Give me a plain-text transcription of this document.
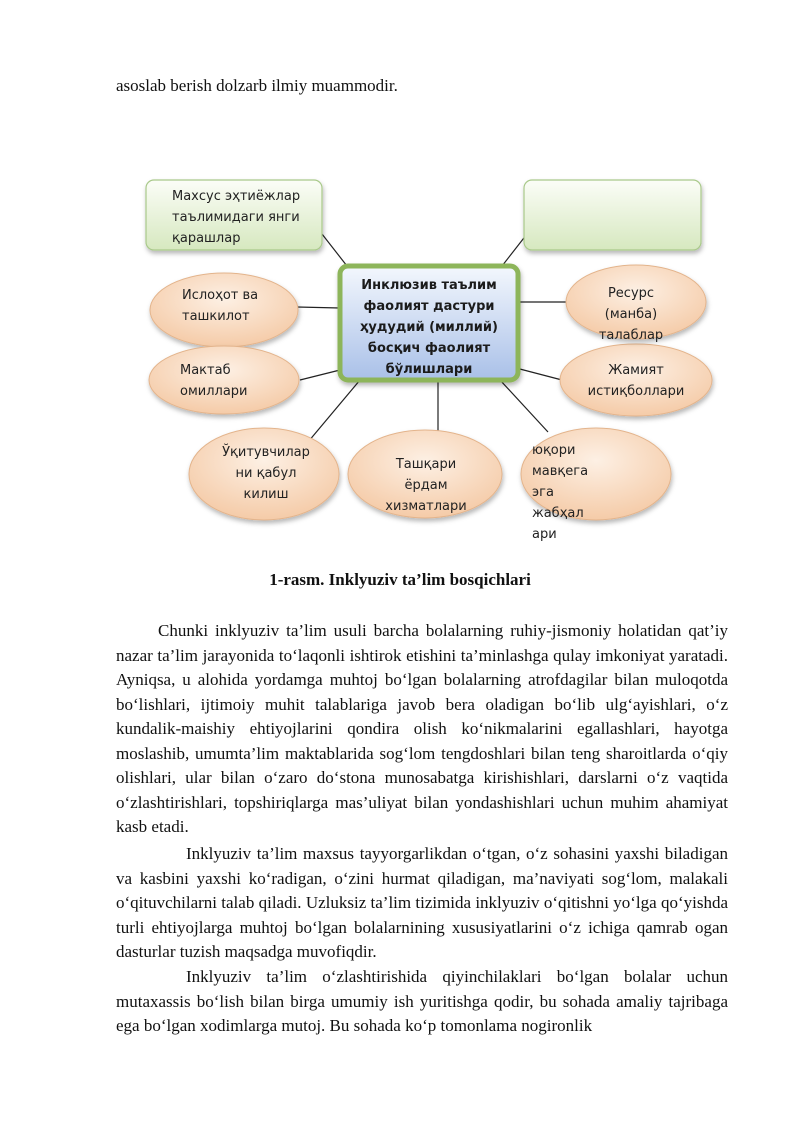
asoslab berish dolzarb ilmiy muammodir.
Махсус эҳтиёжлар таълимидаги янги қарашлар
Инклюзив таълим фаолият дастури ҳудудий (миллий) босқич фаолият бўлишлари
Ислоҳот ва ташкилот
Мактаб омиллари
Ўқитувчилар ни қабул килиш
Ташқари ёрдам хизматлари
юқори мавқега эга жабҳал ари
Жамият истиқболлари
Ресурс (манба) талаблар
1-rasm. Inklyuziv ta’lim bosqichlari

Chunki inklyuziv ta’lim usuli barcha bolalarning ruhiy-jismoniy holatidan qat’iy nazar ta’lim jarayonida to‘laqonli ishtirok etishini ta’minlashga qulay imkoniyat yaratadi. Ayniqsa, u alohida yordamga muhtoj bo‘lgan bolalarning atrofdagilar bilan muloqotda bo‘lishlari, ijtimoiy muhit talablariga javob bera oladigan bo‘lib ulg‘ayishlari, o‘z kundalik-maishiy ehtiyojlarini qondira olish ko‘nikmalarini egallashlari, hayotga moslashib, umumta’lim maktablarida sog‘lom tengdoshlari bilan teng sharoitlarda o‘qiy olishlari, ular bilan o‘zaro do‘stona munosabatga kirishishlari, darslarni o‘z vaqtida o‘zlashtirishlari, topshiriqlarga mas’uliyat bilan yondashishlari uchun muhim ahamiyat kasb etadi.

Inklyuziv ta’lim maxsus tayyorgarlikdan o‘tgan, o‘z sohasini yaxshi biladigan va kasbini yaxshi ko‘radigan, o‘zini hurmat qiladigan, ma’naviyati sog‘lom, malakali o‘qituvchilarni talab qiladi. Uzluksiz ta’lim tizimida inklyuziv o‘qitishni yo‘lga qo‘yishda turli ehtiyojlarga muhtoj bo‘lgan bolalarnining xususiyatlarini o‘z ichiga qamrab ogan dasturlar tuzish maqsadga muvofiqdir.

Inklyuziv ta’lim o‘zlashtirishida qiyinchilaklari bo‘lgan bolalar uchun mutaxassis bo‘lish bilan birga umumiy ish yuritishga qodir, bu sohada amaliy tajribaga ega bo‘lgan xodimlarga mutoj. Bu sohada ko‘p tomonlama nogironlik
